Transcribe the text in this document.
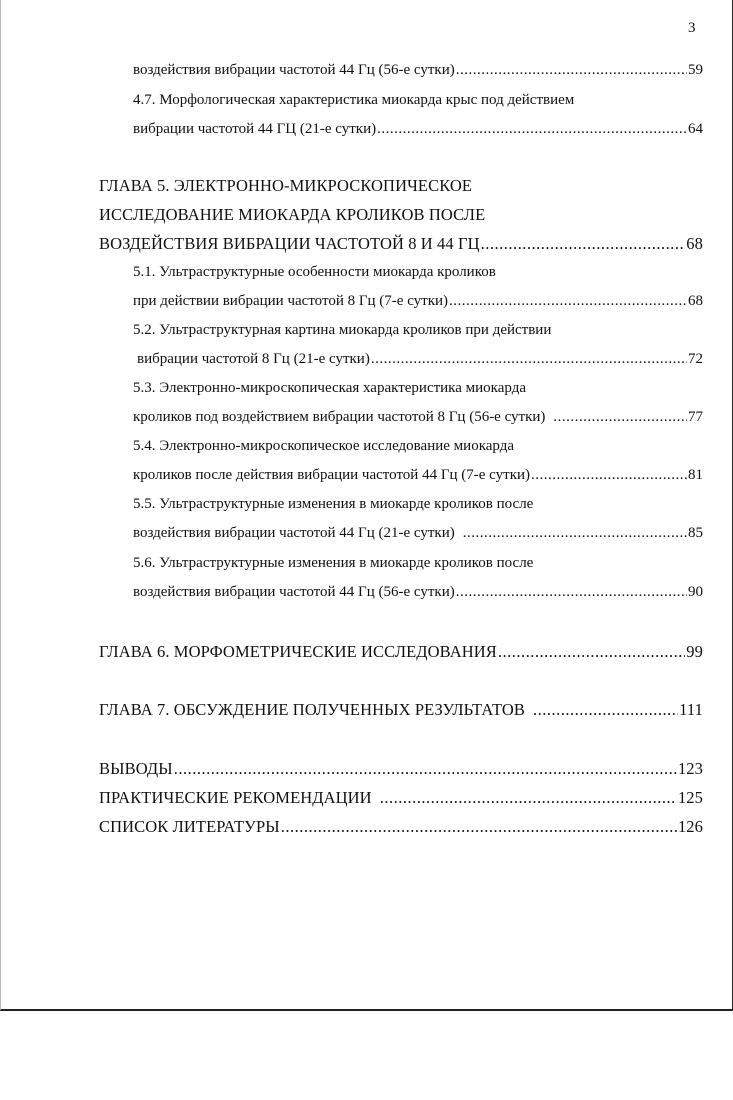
3
воздействия вибрации частотой 44 Гц (56-е сутки) .....	59
4.7. Морфологическая характеристика миокарда крыс под действием
вибрации частотой 44 ГЦ (21-е сутки) .....	64
ГЛАВА 5. ЭЛЕКТРОННО-МИКРОСКОПИЧЕСКОЕ
ИССЛЕДОВАНИЕ МИОКАРДА КРОЛИКОВ ПОСЛЕ
ВОЗДЕЙСТВИЯ ВИБРАЦИИ ЧАСТОТОЙ 8 И 44 ГЦ .....	68
5.1. Ультраструктурные особенности миокарда кроликов
при действии вибрации частотой 8 Гц (7-е сутки) .....	68
5.2. Ультраструктурная картина миокарда кроликов при действии
вибрации частотой 8 Гц (21-е сутки) .....	72
5.3. Электронно-микроскопическая характеристика миокарда
кроликов под воздействием вибрации частотой 8 Гц (56-е сутки) .....	77
5.4. Электронно-микроскопическое исследование миокарда
кроликов после действия вибрации частотой 44 Гц (7-е сутки) .....	81
5.5. Ультраструктурные изменения в миокарде кроликов после
воздействия вибрации частотой 44 Гц (21-е сутки) .....	85
5.6. Ультраструктурные изменения в миокарде кроликов после
воздействия вибрации частотой 44 Гц (56-е сутки) .....	90
ГЛАВА 6. МОРФОМЕТРИЧЕСКИЕ ИССЛЕДОВАНИЯ .....	99
ГЛАВА 7. ОБСУЖДЕНИЕ ПОЛУЧЕННЫХ РЕЗУЛЬТАТОВ .....	111
ВЫВОДЫ .....	123
ПРАКТИЧЕСКИЕ РЕКОМЕНДАЦИИ .....	125
СПИСОК ЛИТЕРАТУРЫ .....	126
